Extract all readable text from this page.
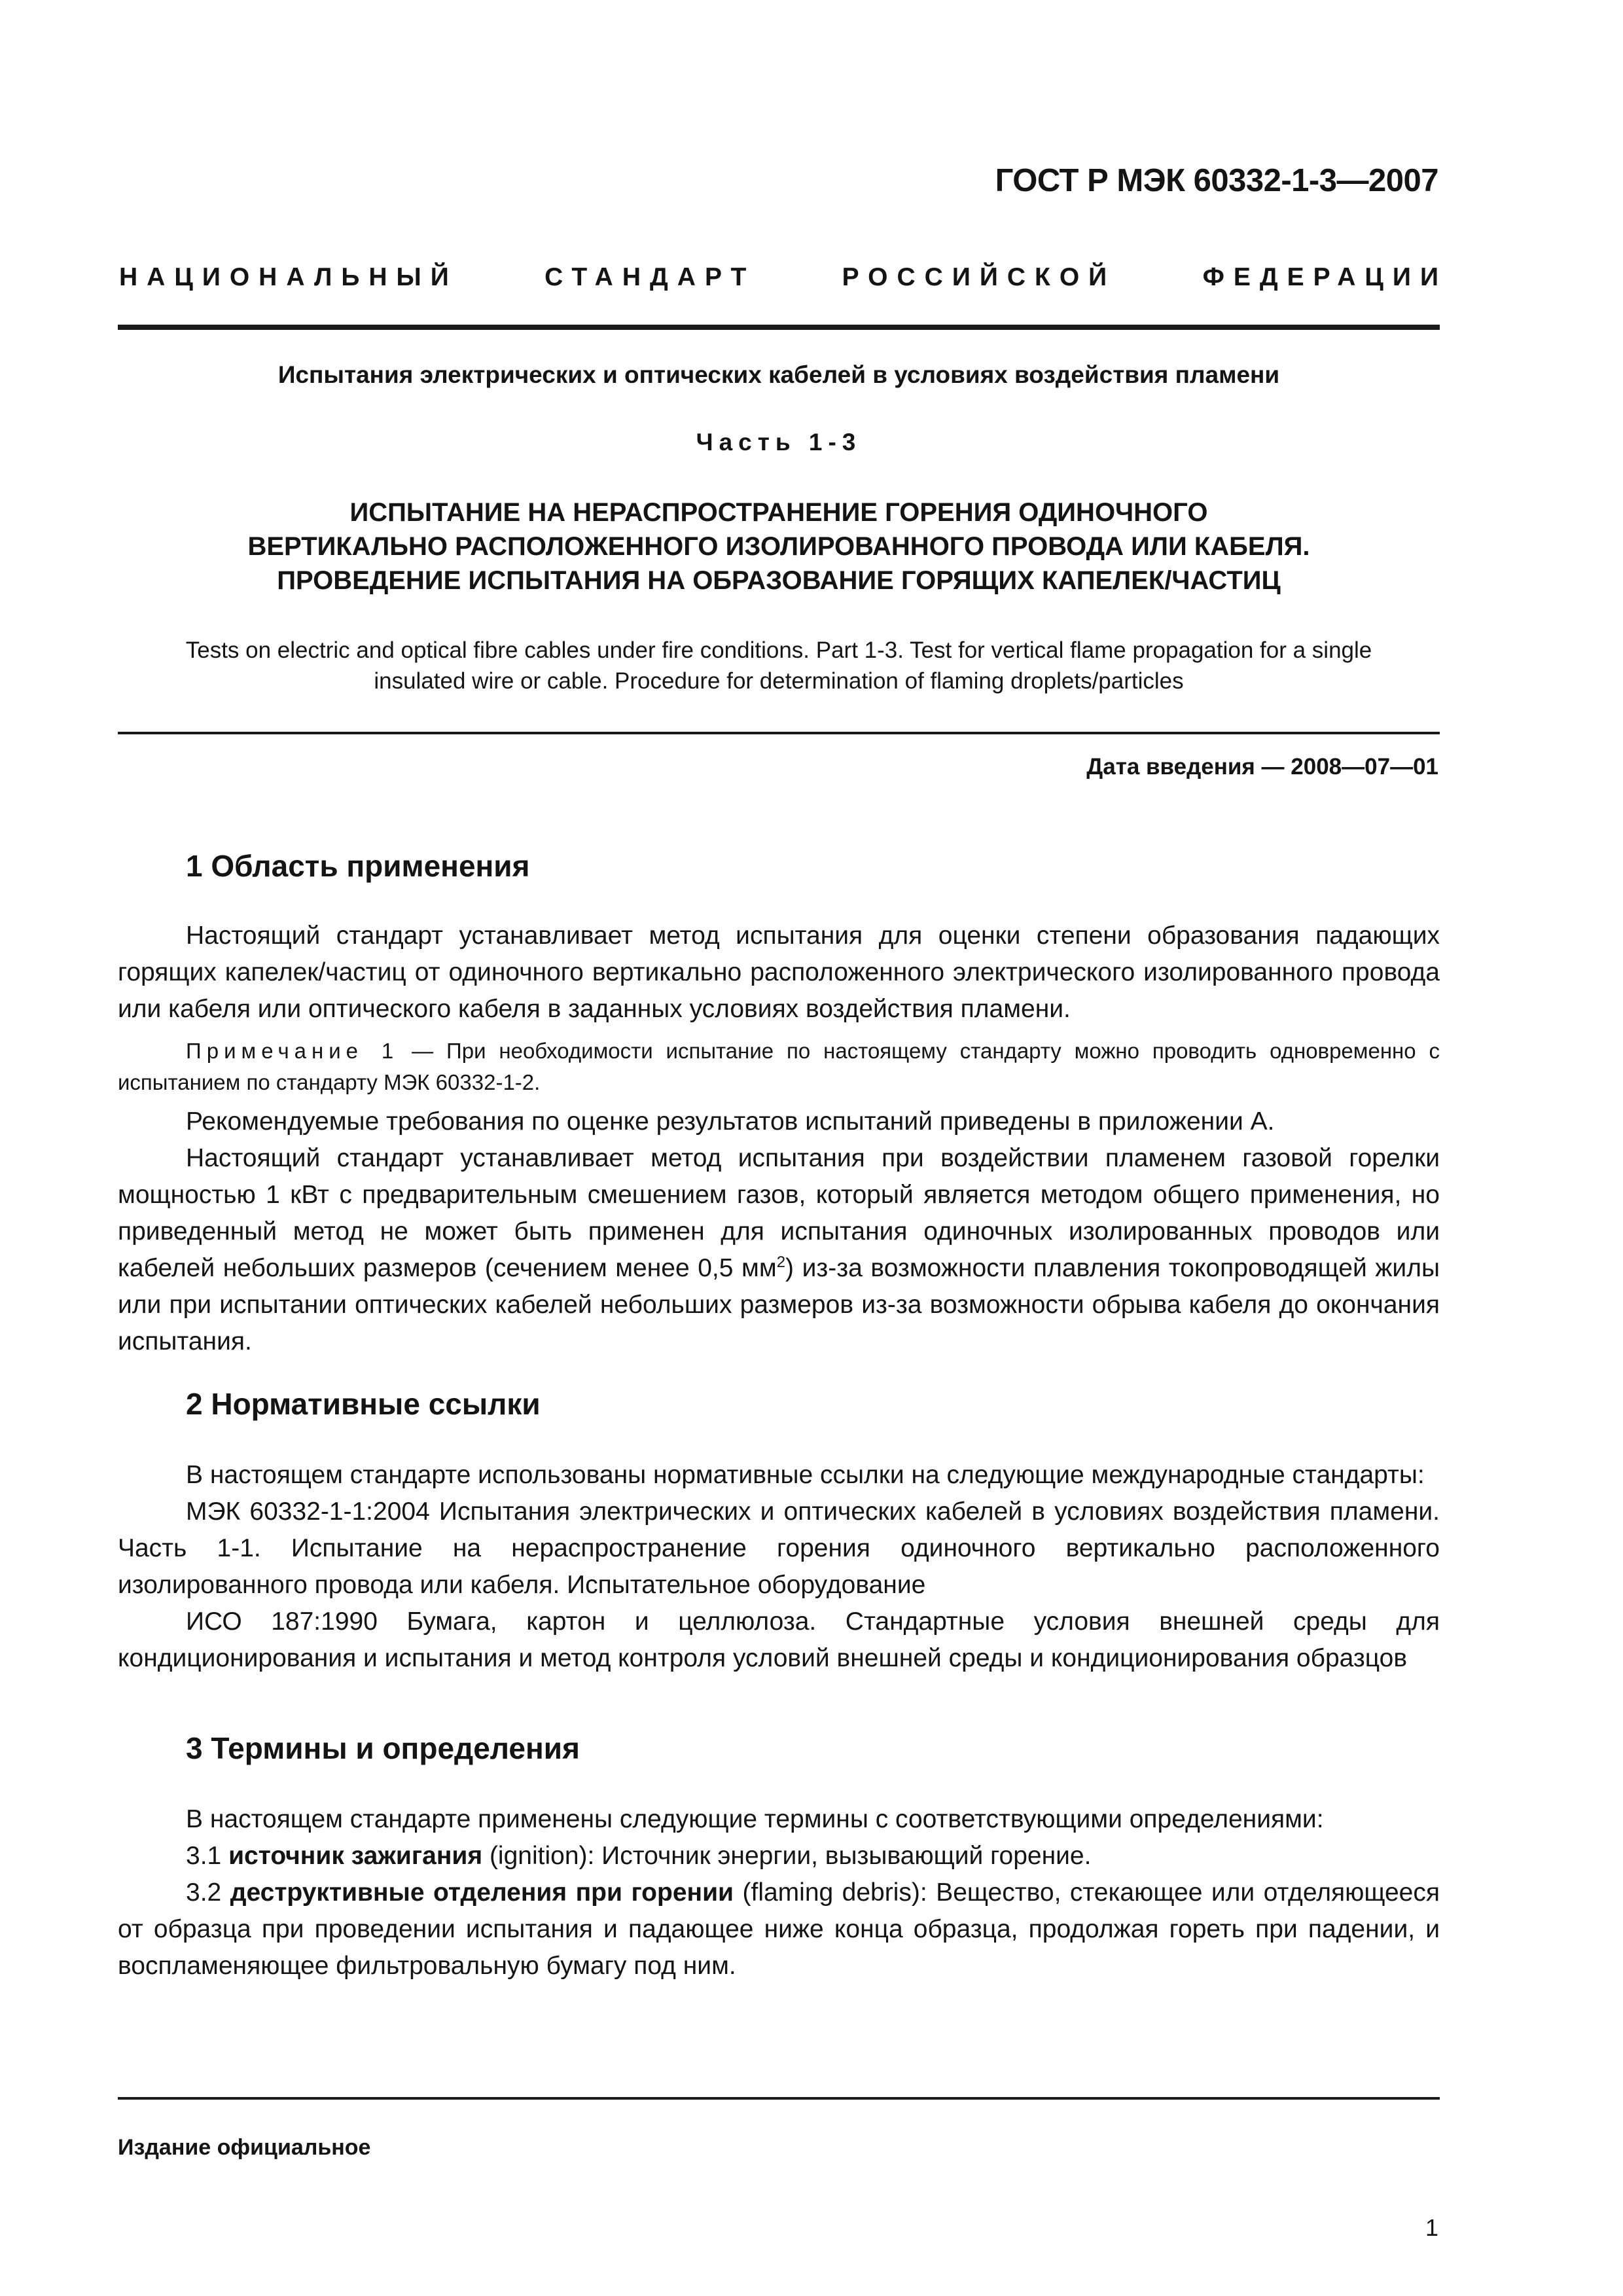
ГОСТ Р МЭК 60332-1-3—2007
НАЦИОНАЛЬНЫЙ	СТАНДАРТ	РОССИЙСКОЙ	ФЕДЕРАЦИИ
Испытания электрических и оптических кабелей в условиях воздействия пламени
Часть 1-3
ИСПЫТАНИЕ НА НЕРАСПРОСТРАНЕНИЕ ГОРЕНИЯ ОДИНОЧНОГО
ВЕРТИКАЛЬНО РАСПОЛОЖЕННОГО ИЗОЛИРОВАННОГО ПРОВОДА ИЛИ КАБЕЛЯ.
ПРОВЕДЕНИЕ ИСПЫТАНИЯ НА ОБРАЗОВАНИЕ ГОРЯЩИХ КАПЕЛЕК/ЧАСТИЦ
Tests on electric and optical fibre cables under fire conditions. Part 1-3. Test for vertical flame propagation for a single
insulated wire or cable. Procedure for determination of flaming droplets/particles
Дата введения — 2008—07—01
1 Область применения

Настоящий стандарт устанавливает метод испытания для оценки степени образования падающих горящих капелек/частиц от одиночного вертикально расположенного электрического изолированного провода или кабеля или оптического кабеля в заданных условиях воздействия пламени.

Примечание 1 — При необходимости испытание по настоящему стандарту можно проводить одновременно с испытанием по стандарту МЭК 60332-1-2.

Рекомендуемые требования по оценке результатов испытаний приведены в приложении А.

Настоящий стандарт устанавливает метод испытания при воздействии пламенем газовой горелки мощностью 1 кВт с предварительным смешением газов, который является методом общего применения, но приведенный метод не может быть применен для испытания одиночных изолированных проводов или кабелей небольших размеров (сечением менее 0,5 $мм^2$) из-за возможности плавления токопроводящей жилы или при испытании оптических кабелей небольших размеров из-за возможности обрыва кабеля до окончания испытания.

2 Нормативные ссылки

В настоящем стандарте использованы нормативные ссылки на следующие международные стандарты:

МЭК 60332-1-1:2004 Испытания электрических и оптических кабелей в условиях воздействия пламени. Часть 1-1. Испытание на нераспространение горения одиночного вертикально расположенного изолированного провода или кабеля. Испытательное оборудование

ИСО 187:1990 Бумага, картон и целлюлоза. Стандартные условия внешней среды для кондиционирования и испытания и метод контроля условий внешней среды и кондиционирования образцов

3 Термины и определения

В настоящем стандарте применены следующие термины с соответствующими определениями:

3.1 источник зажигания (ignition): Источник энергии, вызывающий горение.

3.2 деструктивные отделения при горении (flaming debris): Вещество, стекающее или отделяющееся от образца при проведении испытания и падающее ниже конца образца, продолжая гореть при падении, и воспламеняющее фильтровальную бумагу под ним.

Издание официальное
1
